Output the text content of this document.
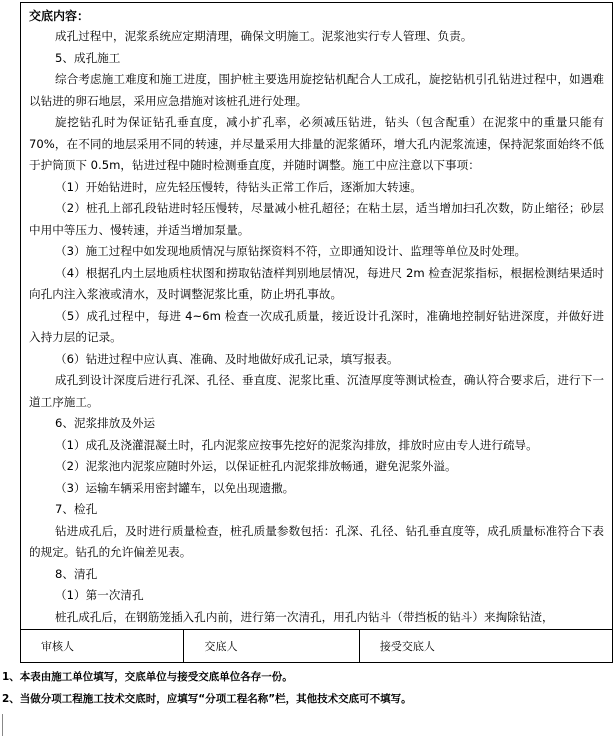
交底内容：

成孔过程中，泥浆系统应定期清理，确保文明施工。泥浆池实行专人管理、负责。

5、成孔施工

综合考虑施工难度和施工进度，围护桩主要选用旋挖钻机配合人工成孔，旋挖钻机引孔钻进过程中，如遇难以钻进的卵石地层，采用应急措施对该桩孔进行处理。

旋挖钻孔时为保证钻孔垂直度，减小扩孔率，必须减压钻进，钻头（包含配重）在泥浆中的重量只能有 70%，在不同的地层采用不同的转速，并尽量采用大排量的泥浆循环，增大孔内泥浆流速，保持泥浆面始终不低于护筒顶下 0.5m，钻进过程中随时检测垂直度，并随时调整。施工中应注意以下事项：

（1）开始钻进时，应先轻压慢转，待钻头正常工作后，逐渐加大转速。

（2）桩孔上部孔段钻进时轻压慢转，尽量减小桩孔超径；在粘土层，适当增加扫孔次数，防止缩径；砂层中用中等压力、慢转速，并适当增加泵量。

（3）施工过程中如发现地质情况与原钻探资料不符，立即通知设计、监理等单位及时处理。

（4）根据孔内土层地质柱状图和捞取钻渣样判别地层情况，每进尺 2m 检查泥浆指标，根据检测结果适时向孔内注入浆液或清水，及时调整泥浆比重，防止坍孔事故。

（5）成孔过程中，每进 4~6m 检查一次成孔质量，接近设计孔深时，准确地控制好钻进深度，并做好进入持力层的记录。

（6）钻进过程中应认真、准确、及时地做好成孔记录，填写报表。

成孔到设计深度后进行孔深、孔径、垂直度、泥浆比重、沉渣厚度等测试检查，确认符合要求后，进行下一道工序施工。

6、泥浆排放及外运

（1）成孔及浇灌混凝土时，孔内泥浆应按事先挖好的泥浆沟排放，排放时应由专人进行疏导。

（2）泥浆池内泥浆应随时外运，以保证桩孔内泥浆排放畅通，避免泥浆外溢。

（3）运输车辆采用密封罐车，以免出现遗撒。

7、检孔

钻进成孔后，及时进行质量检查，桩孔质量参数包括：孔深、孔径、钻孔垂直度等，成孔质量标准符合下表的规定。钻孔的允许偏差见表。

8、清孔

（1）第一次清孔

桩孔成孔后，在钢筋笼插入孔内前，进行第一次清孔，用孔内钻斗（带挡板的钻斗）来掏除钻渣，

审核人	交底人	接受交底人
1、本表由施工单位填写，交底单位与接受交底单位各存一份。
2、当做分项工程施工技术交底时，应填写“分项工程名称”栏，其他技术交底可不填写。
